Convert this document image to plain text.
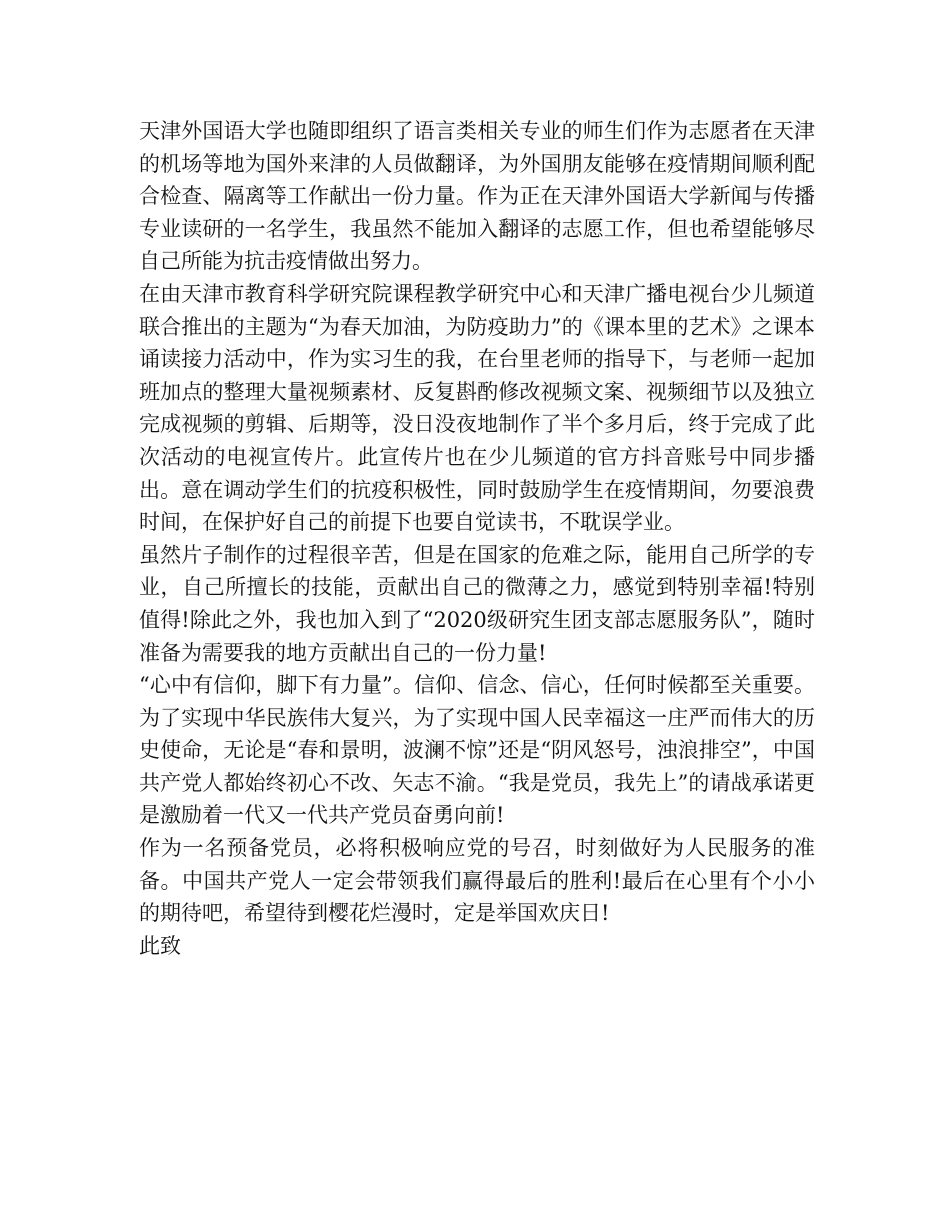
天津外国语大学也随即组织了语言类相关专业的师生们作为志愿者在天津的机场等地为国外来津的人员做翻译，为外国朋友能够在疫情期间顺利配合检查、隔离等工作献出一份力量。作为正在天津外国语大学新闻与传播专业读研的一名学生，我虽然不能加入翻译的志愿工作，但也希望能够尽自己所能为抗击疫情做出努力。

在由天津市教育科学研究院课程教学研究中心和天津广播电视台少儿频道联合推出的主题为“为春天加油，为防疫助力”的《课本里的艺术》之课本诵读接力活动中，作为实习生的我，在台里老师的指导下，与老师一起加班加点的整理大量视频素材、反复斟酌修改视频文案、视频细节以及独立完成视频的剪辑、后期等，没日没夜地制作了半个多月后，终于完成了此次活动的电视宣传片。此宣传片也在少儿频道的官方抖音账号中同步播出。意在调动学生们的抗疫积极性，同时鼓励学生在疫情期间，勿要浪费时间，在保护好自己的前提下也要自觉读书，不耽误学业。

虽然片子制作的过程很辛苦，但是在国家的危难之际，能用自己所学的专业，自己所擅长的技能，贡献出自己的微薄之力，感觉到特别幸福!特别值得!除此之外，我也加入到了“2020级研究生团支部志愿服务队”，随时准备为需要我的地方贡献出自己的一份力量!

“心中有信仰，脚下有力量”。信仰、信念、信心，任何时候都至关重要。为了实现中华民族伟大复兴，为了实现中国人民幸福这一庄严而伟大的历史使命，无论是“春和景明，波澜不惊”还是“阴风怒号，浊浪排空”，中国共产党人都始终初心不改、矢志不渝。“我是党员，我先上”的请战承诺更是激励着一代又一代共产党员奋勇向前!

作为一名预备党员，必将积极响应党的号召，时刻做好为人民服务的准备。中国共产党人一定会带领我们赢得最后的胜利!最后在心里有个小小的期待吧，希望待到樱花烂漫时，定是举国欢庆日!

此致
